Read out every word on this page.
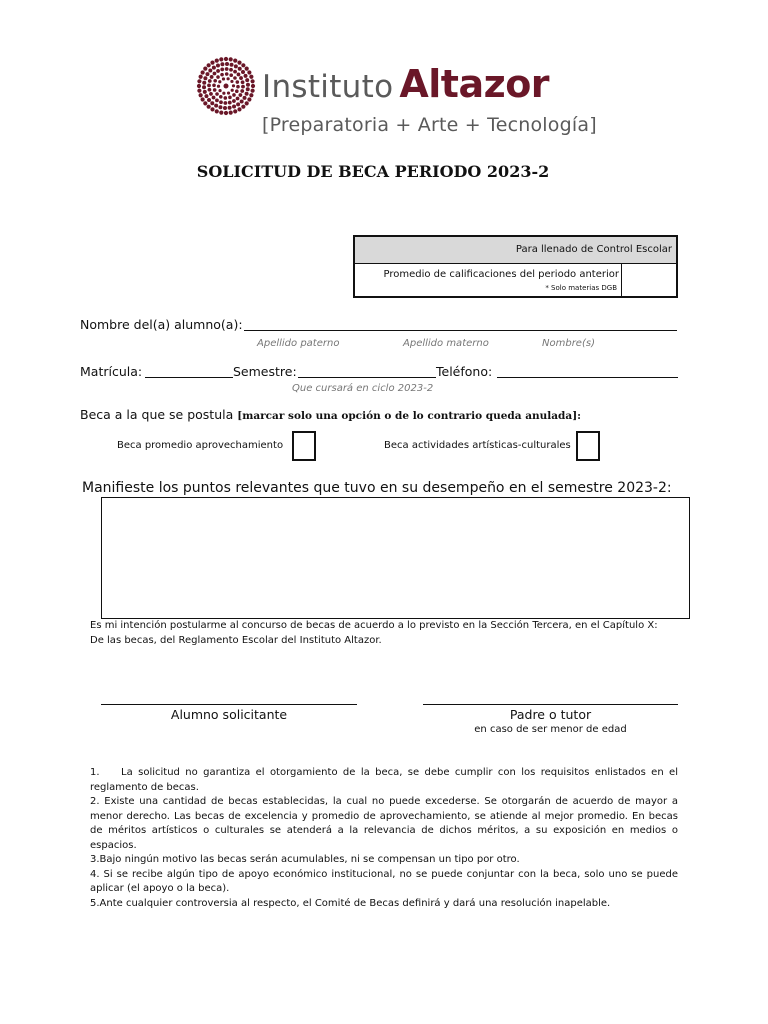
Instituto Altazor
[Preparatoria + Arte + Tecnología]
SOLICITUD DE BECA PERIODO 2023-2
Para llenado de Control Escolar
Promedio de calificaciones del periodo anterior
* Solo materias DGB
Nombre del(a) alumno(a):
Apellido paterno	Apellido materno	Nombre(s)
Matrícula:	Semestre:	Teléfono:
Que cursará en ciclo 2023-2
Beca a la que se postula [marcar solo una opción o de lo contrario queda anulada]:
Beca promedio aprovechamiento	Beca actividades artísticas-culturales
Manifieste los puntos relevantes que tuvo en su desempeño en el semestre 2023-2:
Es mi intención postularme al concurso de becas de acuerdo a lo previsto en la Sección Tercera, en el Capítulo X:
De las becas, del Reglamento Escolar del Instituto Altazor.
Alumno solicitante	Padre o tutor
en caso de ser menor de edad
1.    La solicitud no garantiza el otorgamiento de la beca, se debe cumplir con los requisitos enlistados en el reglamento de becas.
2. Existe una cantidad de becas establecidas, la cual no puede excederse. Se otorgarán de acuerdo de mayor a menor derecho. Las becas de excelencia y promedio de aprovechamiento, se atiende al mejor promedio. En becas de méritos artísticos o culturales se atenderá a la relevancia de dichos méritos, a su exposición en medios o espacios.
3.Bajo ningún motivo las becas serán acumulables, ni se compensan un tipo por otro.
4. Si se recibe algún tipo de apoyo económico institucional, no se puede conjuntar con la beca, solo uno se puede aplicar (el apoyo o la beca).
5.Ante cualquier controversia al respecto, el Comité de Becas definirá y dará una resolución inapelable.
